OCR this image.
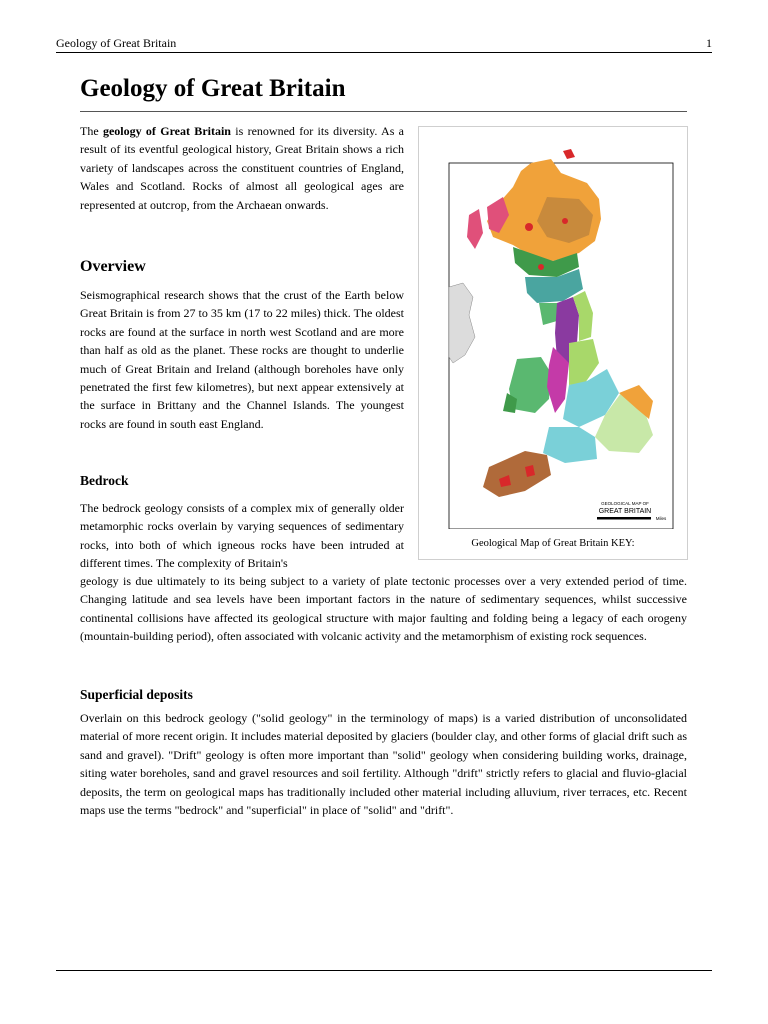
Geology of Great Britain	1
Geology of Great Britain

The geology of Great Britain is renowned for its diversity. As a result of its eventful geological history, Great Britain shows a rich variety of landscapes across the constituent countries of England, Wales and Scotland. Rocks of almost all geological ages are represented at outcrop, from the Archaean onwards.

Overview

Seismographical research shows that the crust of the Earth below Great Britain is from 27 to 35 km (17 to 22 miles) thick. The oldest rocks are found at the surface in north west Scotland and are more than half as old as the planet. These rocks are thought to underlie much of Great Britain and Ireland (although boreholes have only penetrated the first few kilometres), but next appear extensively at the surface in Brittany and the Channel Islands. The youngest rocks are found in south east England.

Bedrock

The bedrock geology consists of a complex mix of generally older metamorphic rocks overlain by varying sequences of sedimentary rocks, into both of which igneous rocks have been intruded at different times. The complexity of Britain's

geology is due ultimately to its being subject to a variety of plate tectonic processes over a very extended period of time. Changing latitude and sea levels have been important factors in the nature of sedimentary sequences, whilst successive continental collisions have affected its geological structure with major faulting and folding being a legacy of each orogeny (mountain-building period), often associated with volcanic activity and the metamorphism of existing rock sequences.

Superficial deposits

Overlain on this bedrock geology ("solid geology" in the terminology of maps) is a varied distribution of unconsolidated material of more recent origin. It includes material deposited by glaciers (boulder clay, and other forms of glacial drift such as sand and gravel). "Drift" geology is often more important than "solid" geology when considering building works, drainage, siting water boreholes, sand and gravel resources and soil fertility. Although "drift" strictly refers to glacial and fluvio-glacial deposits, the term on geological maps has traditionally included other material including alluvium, river terraces, etc. Recent maps use the terms "bedrock" and "superficial" in place of "solid" and "drift".

GEOLOGICAL MAP OF
GREAT BRITAIN
Miles
Geological Map of Great Britain KEY:
